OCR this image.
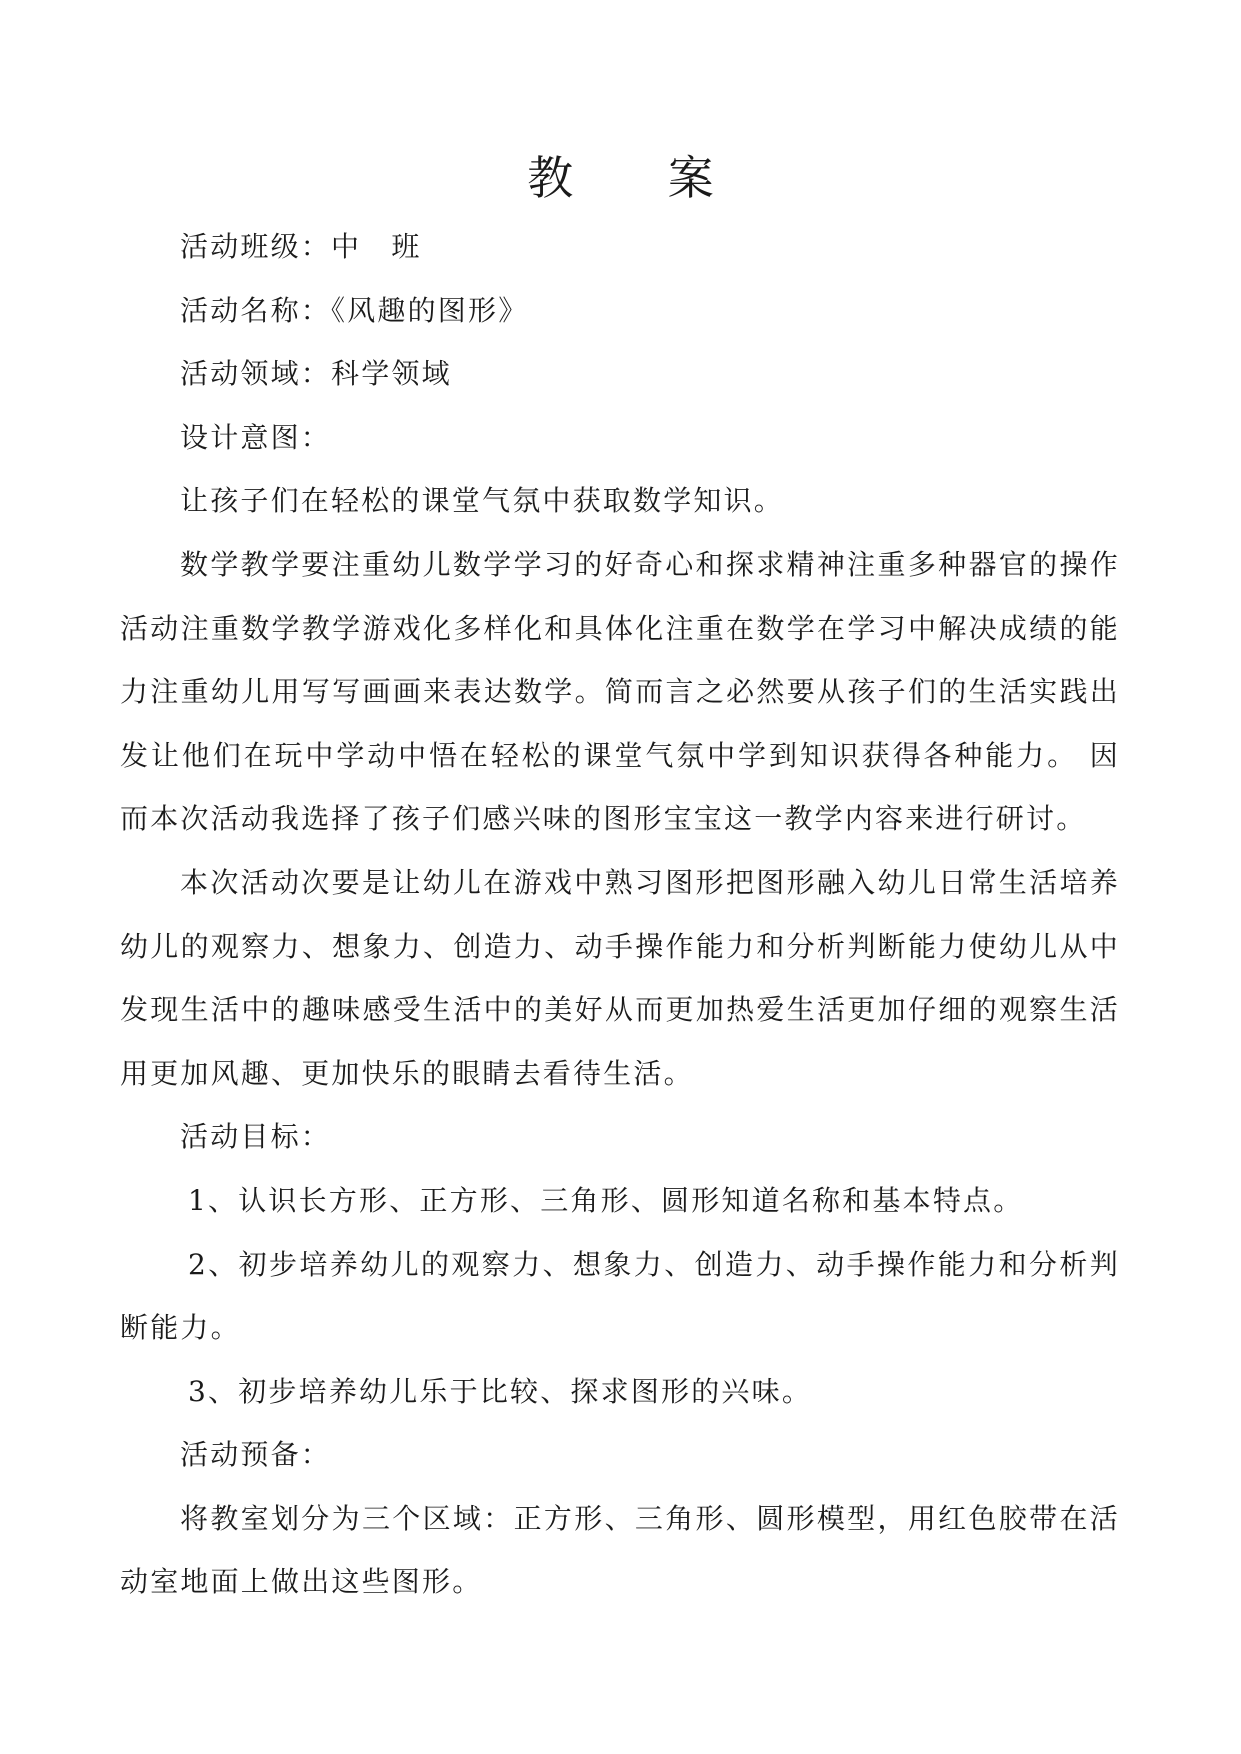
教 案

活动班级：中　班

活动名称：《风趣的图形》

活动领域：科学领域

设计意图：

让孩子们在轻松的课堂气氛中获取数学知识。

数学教学要注重幼儿数学学习的好奇心和探求精神注重多种器官的操作活动注重数学教学游戏化多样化和具体化注重在数学在学习中解决成绩的能力注重幼儿用写写画画来表达数学。简而言之必然要从孩子们的生活实践出发让他们在玩中学动中悟在轻松的课堂气氛中学到知识获得各种能力。 因而本次活动我选择了孩子们感兴味的图形宝宝这一教学内容来进行研讨。

本次活动次要是让幼儿在游戏中熟习图形把图形融入幼儿日常生活培养幼儿的观察力、想象力、创造力、动手操作能力和分析判断能力使幼儿从中发现生活中的趣味感受生活中的美好从而更加热爱生活更加仔细的观察生活用更加风趣、更加快乐的眼睛去看待生活。

活动目标：

1、认识长方形、正方形、三角形、圆形知道名称和基本特点。

2、初步培养幼儿的观察力、想象力、创造力、动手操作能力和分析判断能力。

3、初步培养幼儿乐于比较、探求图形的兴味。

活动预备：

将教室划分为三个区域：正方形、三角形、圆形模型，用红色胶带在活动室地面上做出这些图形。
